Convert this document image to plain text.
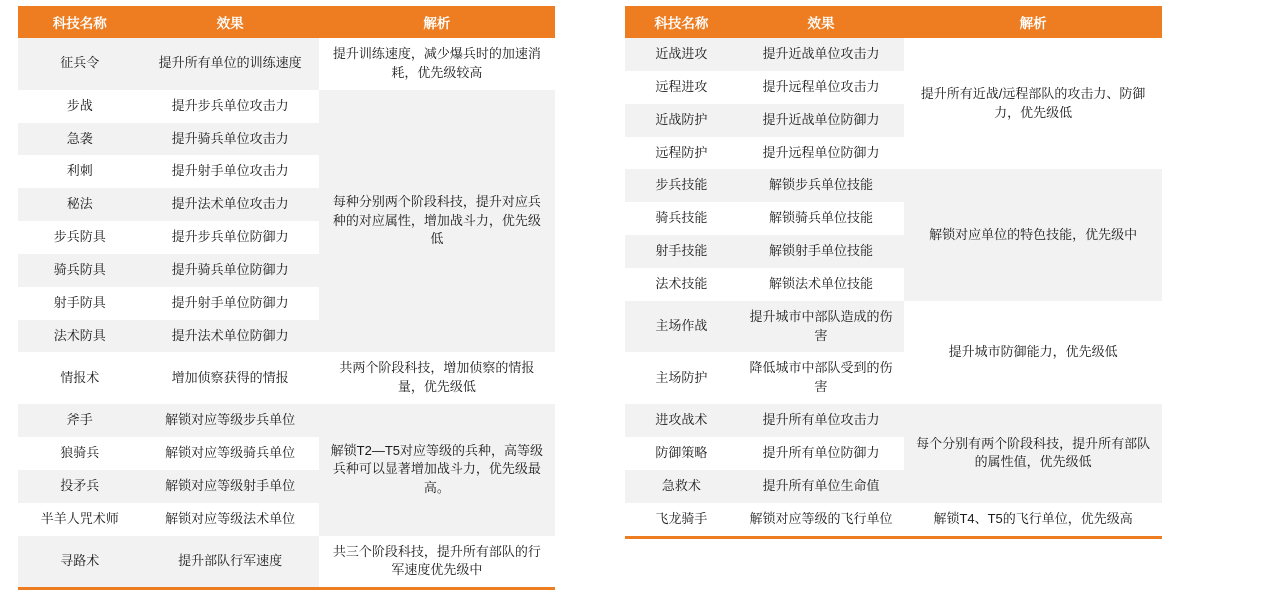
科技名称	效果	解析
征兵令	提升所有单位的训练速度	提升训练速度，减少爆兵时的加速消耗，优先级较高
步战	提升步兵单位攻击力	每种分别两个阶段科技，提升对应兵种的对应属性，增加战斗力，优先级低
急袭	提升骑兵单位攻击力	
利刺	提升射手单位攻击力	
秘法	提升法术单位攻击力	
步兵防具	提升步兵单位防御力	
骑兵防具	提升骑兵单位防御力	
射手防具	提升射手单位防御力	
法术防具	提升法术单位防御力	
情报术	增加侦察获得的情报	共两个阶段科技，增加侦察的情报量，优先级低
斧手	解锁对应等级步兵单位	解锁T2—T5对应等级的兵种，高等级兵种可以显著增加战斗力，优先级最高。
狼骑兵	解锁对应等级骑兵单位	
投矛兵	解锁对应等级射手单位	
半羊人咒术师	解锁对应等级法术单位	
寻路术	提升部队行军速度	共三个阶段科技，提升所有部队的行军速度优先级中
科技名称	效果	解析
近战进攻	提升近战单位攻击力	提升所有近战/远程部队的攻击力、防御力，优先级低
远程进攻	提升远程单位攻击力	
近战防护	提升近战单位防御力	
远程防护	提升远程单位防御力	
步兵技能	解锁步兵单位技能	解锁对应单位的特色技能，优先级中
骑兵技能	解锁骑兵单位技能	
射手技能	解锁射手单位技能	
法术技能	解锁法术单位技能	
主场作战	提升城市中部队造成的伤害	提升城市防御能力，优先级低
主场防护	降低城市中部队受到的伤害	
进攻战术	提升所有单位攻击力	每个分别有两个阶段科技，提升所有部队的属性值，优先级低
防御策略	提升所有单位防御力	
急救术	提升所有单位生命值	
飞龙骑手	解锁对应等级的飞行单位	解锁T4、T5的飞行单位，优先级高
